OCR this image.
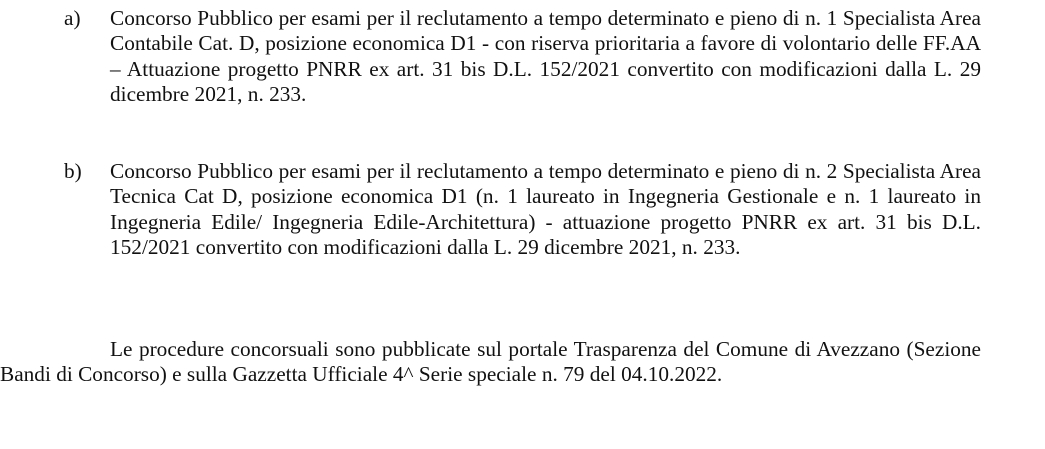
a)	Concorso Pubblico per esami per il reclutamento a tempo determinato e pieno di n. 1 Specialista Area Contabile Cat. D, posizione economica D1 - con riserva prioritaria a favore di volontario delle FF.AA – Attuazione progetto PNRR ex art. 31 bis D.L. 152/2021 convertito con modificazioni dalla L. 29 dicembre 2021, n. 233.
b)	Concorso Pubblico per esami per il reclutamento a tempo determinato e pieno di n. 2 Specialista Area Tecnica Cat D, posizione economica D1 (n. 1 laureato in Ingegneria Gestionale e n. 1 laureato in Ingegneria Edile/ Ingegneria Edile-Architettura) - attuazione progetto PNRR ex art. 31 bis D.L. 152/2021 convertito con modificazioni dalla L. 29 dicembre 2021, n. 233.

Le procedure concorsuali sono pubblicate sul portale Trasparenza del Comune di Avezzano (Sezione Bandi di Concorso) e sulla Gazzetta Ufficiale 4^ Serie speciale n. 79 del 04.10.2022.
